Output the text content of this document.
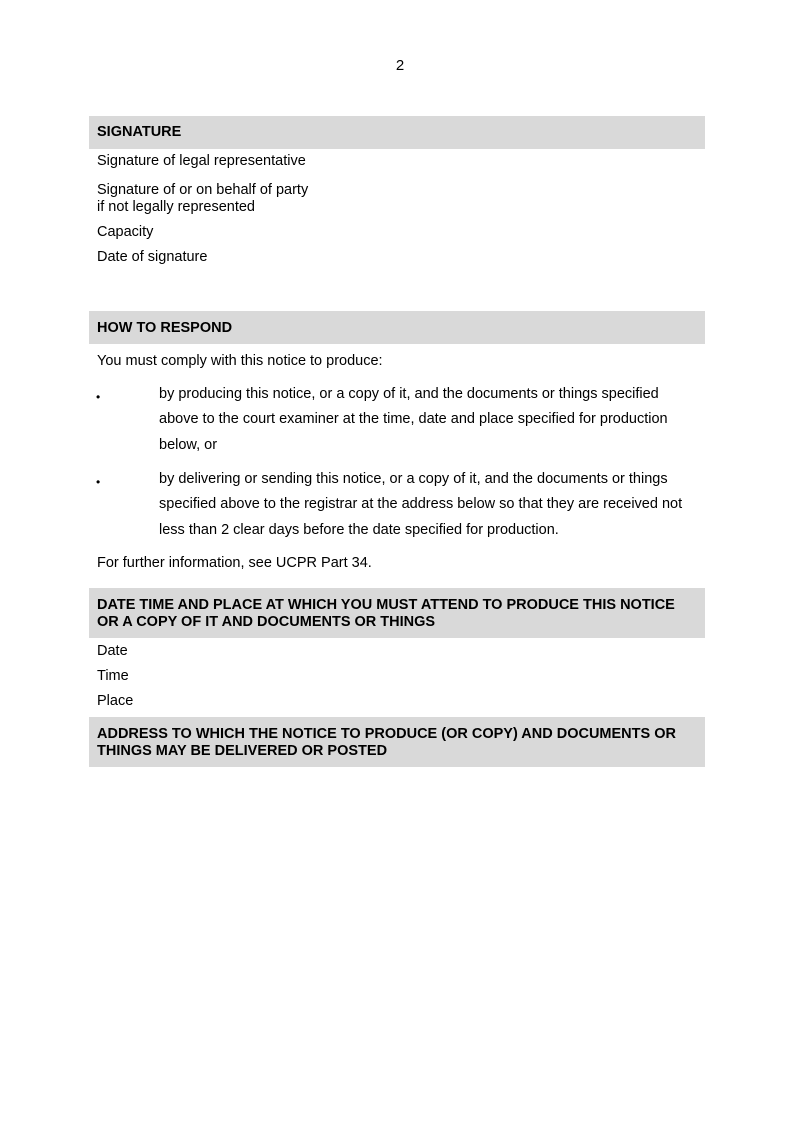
2
SIGNATURE
Signature of legal representative
Signature of or on behalf of party
if not legally represented
Capacity
Date of signature
HOW TO RESPOND
You must comply with this notice to produce:
•	by producing this notice, or a copy of it, and the documents or things specified
above to the court examiner at the time, date and place specified for production
below, or
•	by delivering or sending this notice, or a copy of it, and the documents or things
specified above to the registrar at the address below so that they are received not
less than 2 clear days before the date specified for production.
For further information, see UCPR Part 34.
DATE TIME AND PLACE AT WHICH YOU MUST ATTEND TO PRODUCE THIS NOTICE
OR A COPY OF IT AND DOCUMENTS OR THINGS
Date
Time
Place
ADDRESS TO WHICH THE NOTICE TO PRODUCE (OR COPY) AND DOCUMENTS OR
THINGS MAY BE DELIVERED OR POSTED
